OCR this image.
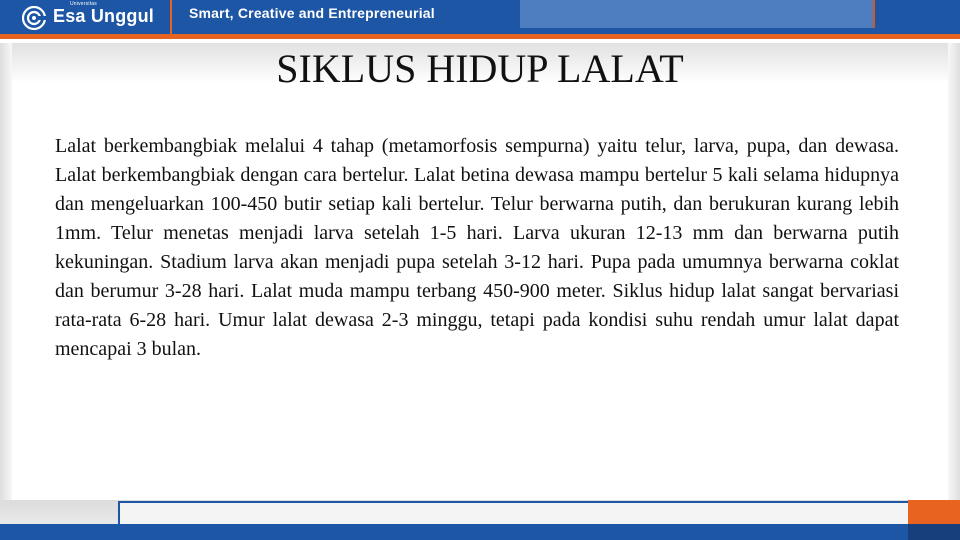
Universitas
Esa Unggul Smart, Creative and Entrepreneurial
SIKLUS HIDUP LALAT

Lalat berkembangbiak melalui 4 tahap (metamorfosis sempurna) yaitu telur, larva, pupa, dan dewasa. Lalat berkembangbiak dengan cara bertelur. Lalat betina dewasa mampu bertelur 5 kali selama hidupnya dan mengeluarkan 100-450 butir setiap kali bertelur. Telur berwarna putih, dan berukuran kurang lebih 1mm. Telur menetas menjadi larva setelah 1-5 hari. Larva ukuran 12-13 mm dan berwarna putih kekuningan. Stadium larva akan menjadi pupa setelah 3-12 hari. Pupa pada umumnya berwarna coklat dan berumur 3-28 hari. Lalat muda mampu terbang 450-900 meter. Siklus hidup lalat sangat bervariasi rata-rata 6-28 hari. Umur lalat dewasa 2-3 minggu, tetapi pada kondisi suhu rendah umur lalat dapat mencapai 3 bulan.
